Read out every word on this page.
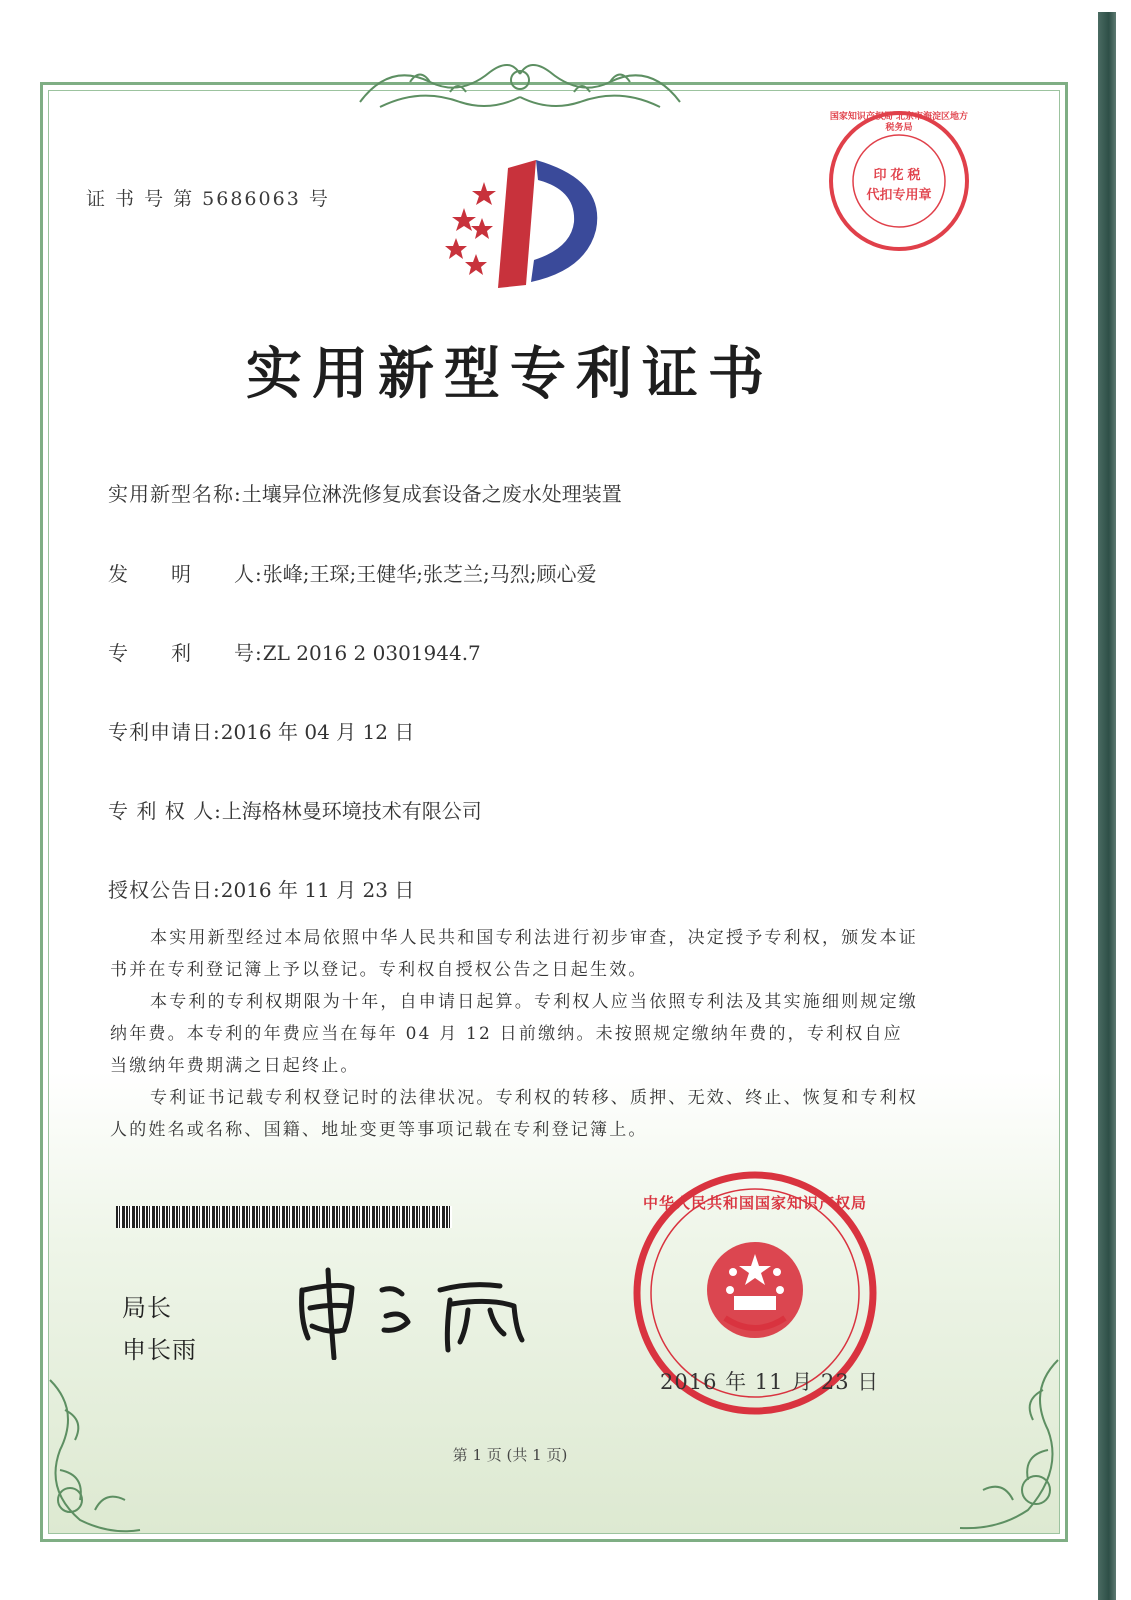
证 书 号 第 5686063 号
国家知识产权局 北京市海淀区地方税务局
印花税
代扣专用章
实用新型专利证书
实用新型名称:土壤异位淋洗修复成套设备之废水处理装置
发　　明　　人:张峰;王琛;王健华;张芝兰;马烈;顾心爱
专　　利　　号:ZL 2016 2 0301944.7
专利申请日:2016 年 04 月 12 日
专 利 权 人:上海格林曼环境技术有限公司
授权公告日:2016 年 11 月 23 日
本实用新型经过本局依照中华人民共和国专利法进行初步审查，决定授予专利权，颁发本证书并在专利登记簿上予以登记。专利权自授权公告之日起生效。
本专利的专利权期限为十年，自申请日起算。专利权人应当依照专利法及其实施细则规定缴纳年费。本专利的年费应当在每年 04 月 12 日前缴纳。未按照规定缴纳年费的，专利权自应当缴纳年费期满之日起终止。
专利证书记载专利权登记时的法律状况。专利权的转移、质押、无效、终止、恢复和专利权人的姓名或名称、国籍、地址变更等事项记载在专利登记簿上。
局长
申长雨
中华人民共和国国家知识产权局
2016 年 11 月 23 日
第 1 页 (共 1 页)
